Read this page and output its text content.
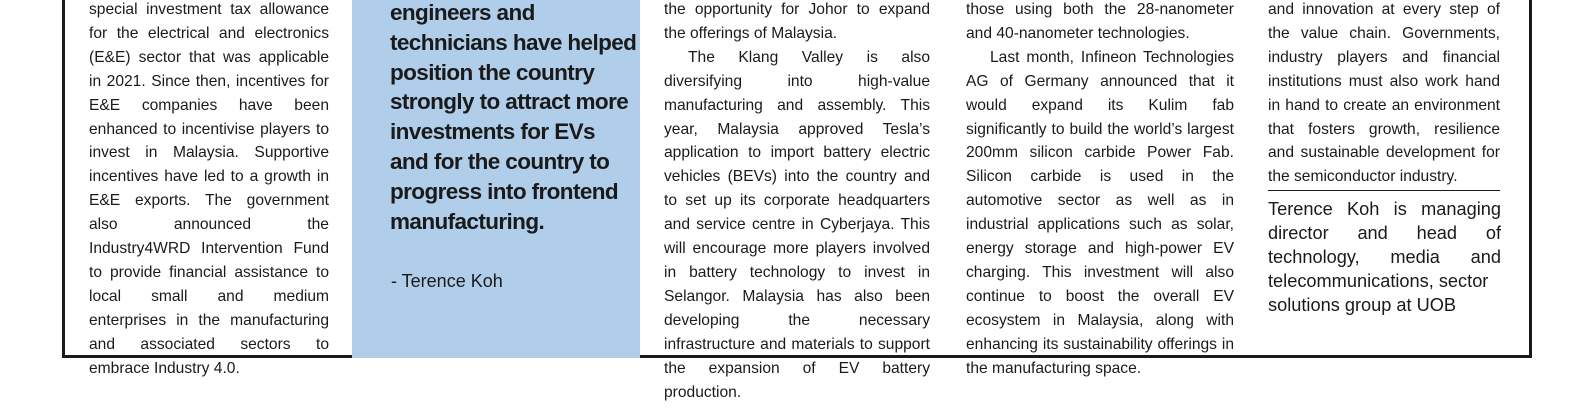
special investment tax allowance for the electrical and electronics (E&E) sector that was applicable in 2021. Since then, incentives for E&E companies have been enhanced to incentivise players to invest in Malaysia. Supportive incentives have led to a growth in E&E exports. The government also announced the Industry4WRD Intervention Fund to provide financial assistance to local small and medium enterprises in the manufacturing and associated sectors to embrace Industry 4.0.

engineers and technicians have helped position the country strongly to attract more investments for EVs and for the country to progress into frontend manufacturing.
- Terence Koh

the opportunity for Johor to expand the offerings of Malaysia.

The Klang Valley is also diversifying into high-value manufacturing and assembly. This year, Malaysia approved Tesla’s application to import battery electric vehicles (BEVs) into the country and to set up its corporate headquarters and service centre in Cyberjaya. This will encourage more players involved in battery technology to invest in Selangor. Malaysia has also been developing the necessary infrastructure and materials to support the expansion of EV battery production.

those using both the 28-nanometer and 40-nanometer technologies.

Last month, Infineon Technologies AG of Germany announced that it would expand its Kulim fab significantly to build the world’s largest 200mm silicon carbide Power Fab. Silicon carbide is used in the automotive sector as well as in industrial applications such as solar, energy storage and high-power EV charging. This investment will also continue to boost the overall EV ecosystem in Malaysia, along with enhancing its sustainability offerings in the manufacturing space.

and innovation at every step of the value chain. Governments, industry players and financial institutions must also work hand in hand to create an environment that fosters growth, resilience and sustainable development for the semiconductor industry.

Terence Koh is managing director and head of technology, media and telecommunications, sector
solutions group at UOB
